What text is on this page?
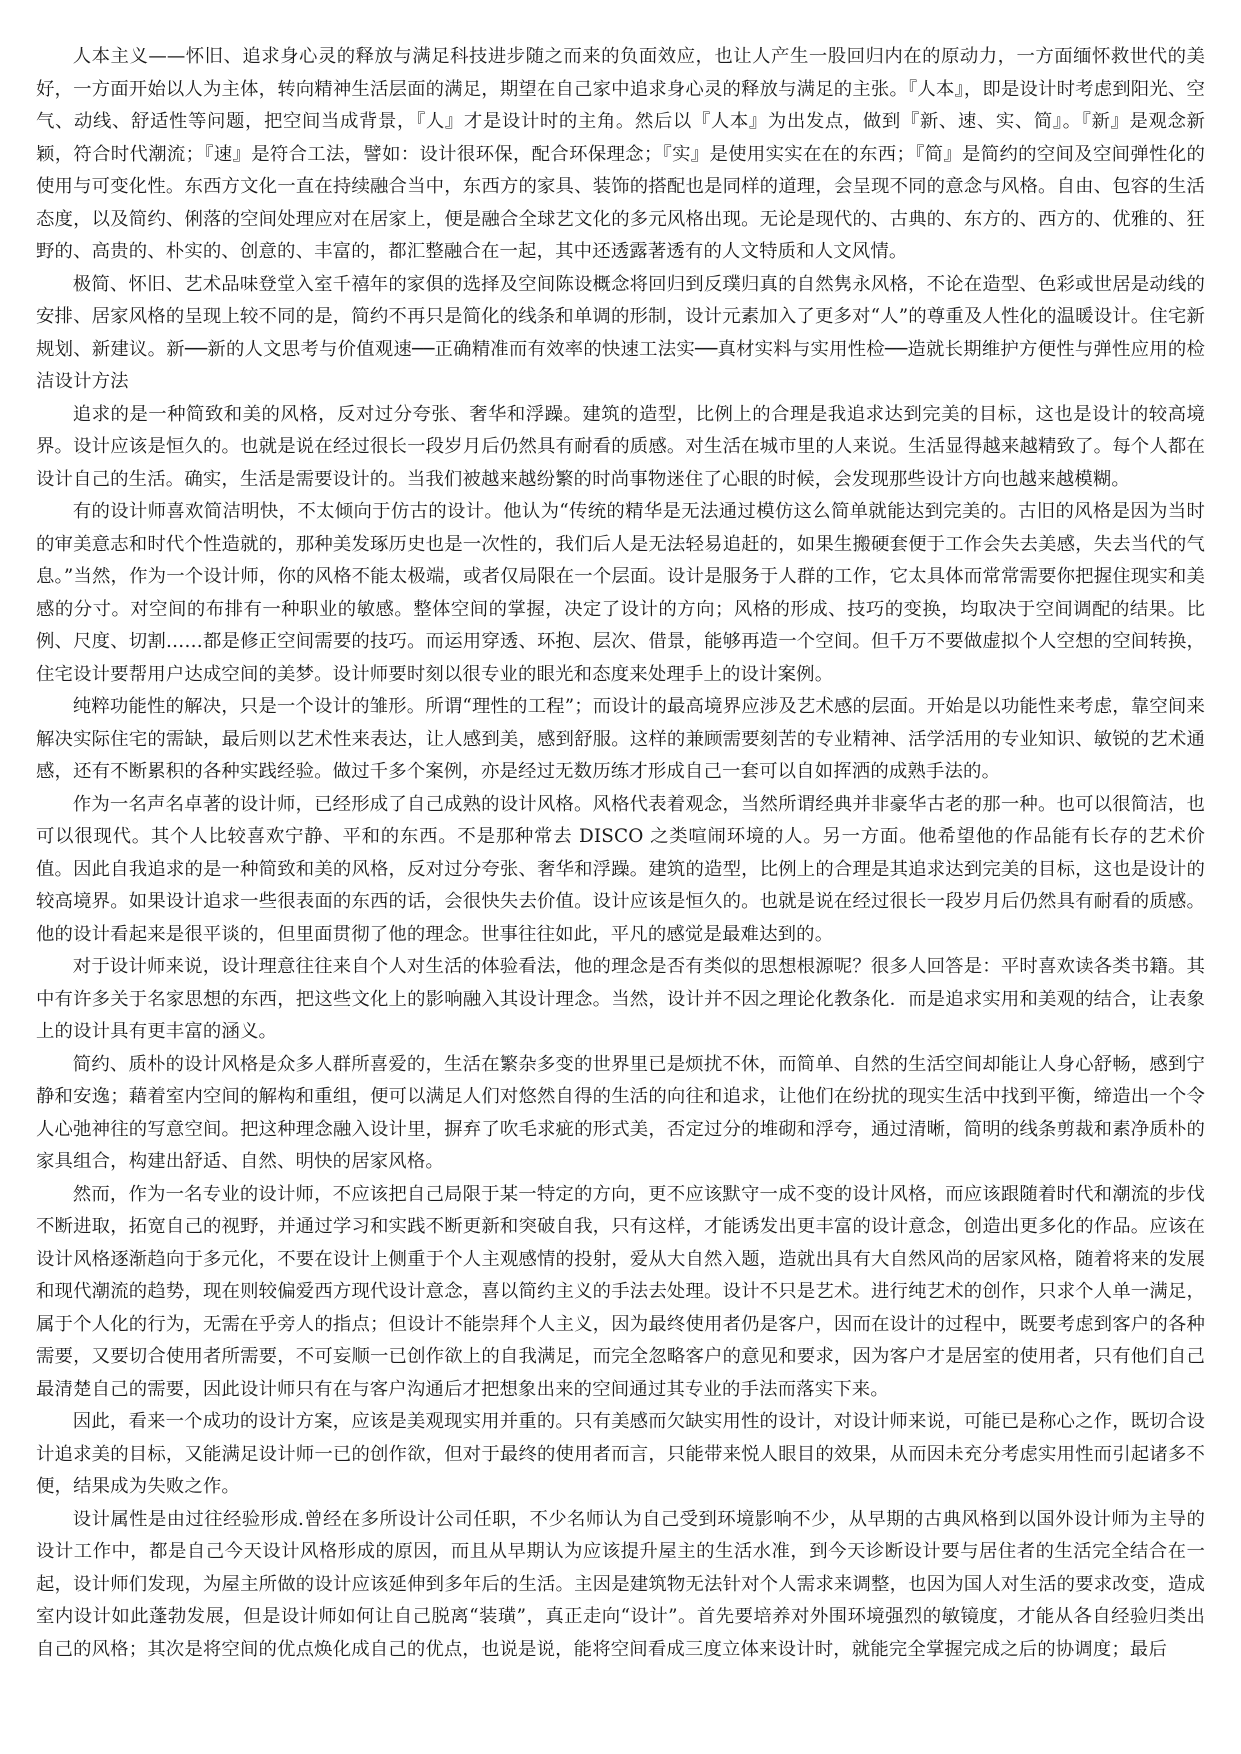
人本主义——怀旧、追求身心灵的释放与满足科技进步随之而来的负面效应，也让人产生一股回归内在的原动力，一方面缅怀救世代的美好，一方面开始以人为主体，转向精神生活层面的满足，期望在自己家中追求身心灵的释放与满足的主张。『人本』，即是设计时考虑到阳光、空气、动线、舒适性等问题，把空间当成背景，『人』才是设计时的主角。然后以『人本』为出发点，做到『新、速、实、简』。『新』是观念新颖，符合时代潮流；『速』是符合工法，譬如：设计很环保，配合环保理念；『实』是使用实实在在的东西；『简』是简约的空间及空间弹性化的使用与可变化性。东西方文化一直在持续融合当中，东西方的家具、装饰的搭配也是同样的道理，会呈现不同的意念与风格。自由、包容的生活态度，以及简约、俐落的空间处理应对在居家上，便是融合全球艺文化的多元风格出现。无论是现代的、古典的、东方的、西方的、优雅的、狂野的、高贵的、朴实的、创意的、丰富的，都汇整融合在一起，其中还透露著透有的人文特质和人文风情。

极简、怀旧、艺术品味登堂入室千禧年的家俱的选择及空间陈设概念将回归到反璞归真的自然隽永风格，不论在造型、色彩或世居是动线的安排、居家风格的呈现上较不同的是，简约不再只是简化的线条和单调的形制，设计元素加入了更多对“人”的尊重及人性化的温暖设计。住宅新规划、新建议。新──新的人文思考与价值观速──正确精准而有效率的快速工法实──真材实料与实用性检──造就长期维护方便性与弹性应用的检洁设计方法

追求的是一种简致和美的风格，反对过分夸张、奢华和浮躁。建筑的造型，比例上的合理是我追求达到完美的目标，这也是设计的较高境界。设计应该是恒久的。也就是说在经过很长一段岁月后仍然具有耐看的质感。对生活在城市里的人来说。生活显得越来越精致了。每个人都在设计自己的生活。确实，生活是需要设计的。当我们被越来越纷繁的时尚事物迷住了心眼的时候，会发现那些设计方向也越来越模糊。

有的设计师喜欢简洁明快，不太倾向于仿古的设计。他认为“传统的精华是无法通过模仿这么简单就能达到完美的。古旧的风格是因为当时的审美意志和时代个性造就的，那种美发琢历史也是一次性的，我们后人是无法轻易追赶的，如果生搬硬套便于工作会失去美感，失去当代的气息。”当然，作为一个设计师，你的风格不能太极端，或者仅局限在一个层面。设计是服务于人群的工作，它太具体而常常需要你把握住现实和美感的分寸。对空间的布排有一种职业的敏感。整体空间的掌握，决定了设计的方向；风格的形成、技巧的变换，均取决于空间调配的结果。比例、尺度、切割……都是修正空间需要的技巧。而运用穿透、环抱、层次、借景，能够再造一个空间。但千万不要做虚拟个人空想的空间转换，住宅设计要帮用户达成空间的美梦。设计师要时刻以很专业的眼光和态度来处理手上的设计案例。

纯粹功能性的解决，只是一个设计的雏形。所谓“理性的工程”；而设计的最高境界应涉及艺术感的层面。开始是以功能性来考虑，靠空间来解决实际住宅的需缺，最后则以艺术性来表达，让人感到美，感到舒服。这样的兼顾需要刻苦的专业精神、活学活用的专业知识、敏锐的艺术通感，还有不断累积的各种实践经验。做过千多个案例，亦是经过无数历练才形成自己一套可以自如挥洒的成熟手法的。

作为一名声名卓著的设计师，已经形成了自己成熟的设计风格。风格代表着观念，当然所谓经典并非豪华古老的那一种。也可以很简洁，也可以很现代。其个人比较喜欢宁静、平和的东西。不是那种常去 DISCO 之类喧闹环境的人。另一方面。他希望他的作品能有长存的艺术价值。因此自我追求的是一种简致和美的风格，反对过分夸张、奢华和浮躁。建筑的造型，比例上的合理是其追求达到完美的目标，这也是设计的较高境界。如果设计追求一些很表面的东西的话，会很快失去价值。设计应该是恒久的。也就是说在经过很长一段岁月后仍然具有耐看的质感。他的设计看起来是很平谈的，但里面贯彻了他的理念。世事往往如此，平凡的感觉是最难达到的。

对于设计师来说，设计理意往往来自个人对生活的体验看法，他的理念是否有类似的思想根源呢？很多人回答是：平时喜欢读各类书籍。其中有许多关于名家思想的东西，把这些文化上的影响融入其设计理念。当然，设计并不因之理论化教条化．而是追求实用和美观的结合，让表象上的设计具有更丰富的涵义。

简约、质朴的设计风格是众多人群所喜爱的，生活在繁杂多变的世界里已是烦扰不休，而简单、自然的生活空间却能让人身心舒畅，感到宁静和安逸；藉着室内空间的解构和重组，便可以满足人们对悠然自得的生活的向往和追求，让他们在纷扰的现实生活中找到平衡，缔造出一个令人心弛神往的写意空间。把这种理念融入设计里，摒弃了吹毛求疵的形式美，否定过分的堆砌和浮夸，通过清晰，简明的线条剪裁和素净质朴的家具组合，构建出舒适、自然、明快的居家风格。

然而，作为一名专业的设计师，不应该把自己局限于某一特定的方向，更不应该默守一成不变的设计风格，而应该跟随着时代和潮流的步伐不断进取，拓宽自己的视野，并通过学习和实践不断更新和突破自我，只有这样，才能诱发出更丰富的设计意念，创造出更多化的作品。应该在设计风格逐渐趋向于多元化，不要在设计上侧重于个人主观感情的投射，爱从大自然入题，造就出具有大自然风尚的居家风格，随着将来的发展和现代潮流的趋势，现在则较偏爱西方现代设计意念，喜以简约主义的手法去处理。设计不只是艺术。进行纯艺术的创作，只求个人单一满足，属于个人化的行为，无需在乎旁人的指点；但设计不能崇拜个人主义，因为最终使用者仍是客户，因而在设计的过程中，既要考虑到客户的各种需要，又要切合使用者所需要，不可妄顺一已创作欲上的自我满足，而完全忽略客户的意见和要求，因为客户才是居室的使用者，只有他们自己最清楚自己的需要，因此设计师只有在与客户沟通后才把想象出来的空间通过其专业的手法而落实下来。

因此，看来一个成功的设计方案，应该是美观现实用并重的。只有美感而欠缺实用性的设计，对设计师来说，可能已是称心之作，既切合设计追求美的目标，又能满足设计师一已的创作欲，但对于最终的使用者而言，只能带来悦人眼目的效果，从而因未充分考虑实用性而引起诸多不便，结果成为失败之作。

设计属性是由过往经验形成.曾经在多所设计公司任职，不少名师认为自己受到环境影响不少，从早期的古典风格到以国外设计师为主导的设计工作中，都是自己今天设计风格形成的原因，而且从早期认为应该提升屋主的生活水准，到今天诊断设计要与居住者的生活完全结合在一起，设计师们发现，为屋主所做的设计应该延伸到多年后的生活。主因是建筑物无法针对个人需求来调整，也因为国人对生活的要求改变，造成室内设计如此蓬勃发展，但是设计师如何让自己脱离“装璜”，真正走向“设计”。首先要培养对外围环境强烈的敏镜度，才能从各自经验归类出自己的风格；其次是将空间的优点焕化成自己的优点，也说是说，能将空间看成三度立体来设计时，就能完全掌握完成之后的协调度；最后
